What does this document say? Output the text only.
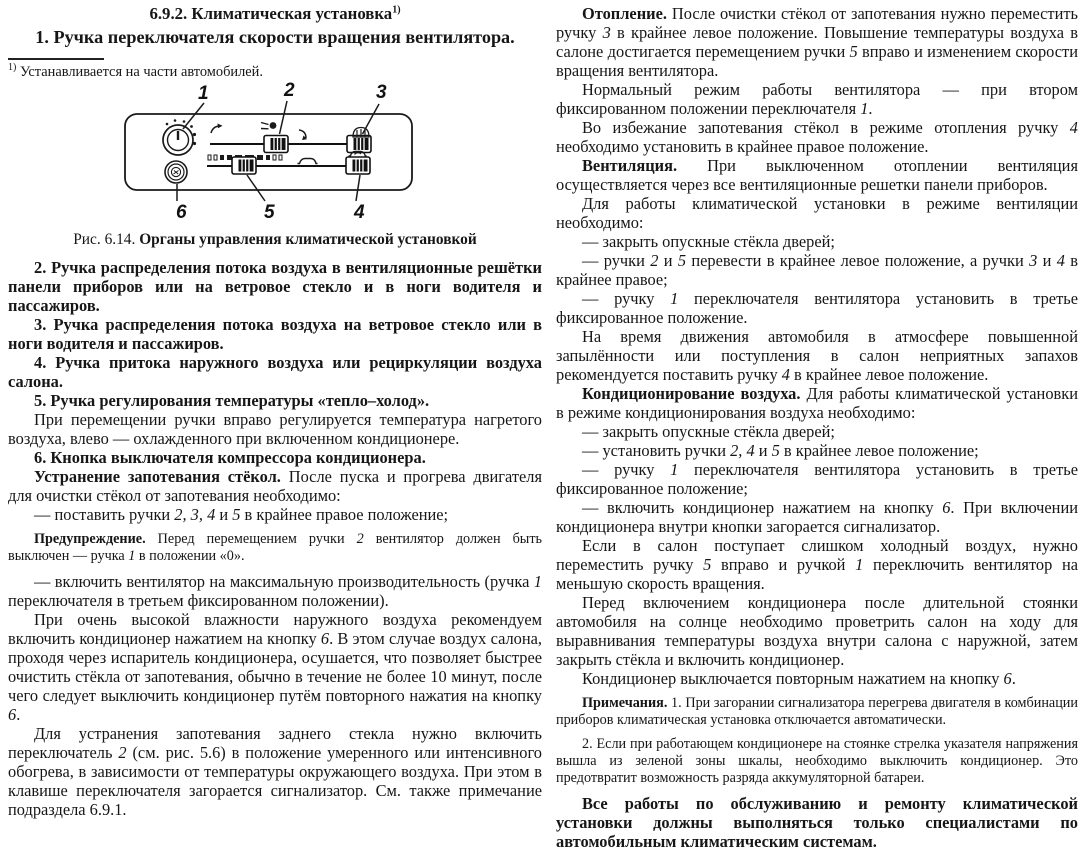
6.9.2. Климатическая установка$^{1)}$
1. Ручка переключателя скорости вращения вентилятора.

$^{1)}$ Устанавливается на части автомобилей.

1	2	3
6	5	4
Рис. 6.14. Органы управления климатической установкой

2. Ручка распределения потока воздуха в вентиляционные решётки панели приборов или на ветровое стекло и в ноги водителя и пассажиров.

3. Ручка распределения потока воздуха на ветровое стекло или в ноги водителя и пассажиров.

4. Ручка притока наружного воздуха или рециркуляции воздуха салона.

5. Ручка регулирования температуры «тепло–холод».

При перемещении ручки вправо регулируется температура нагретого воздуха, влево — охлажденного при включенном кондиционере.

6. Кнопка выключателя компрессора кондиционера.

Устранение запотевания стёкол. После пуска и прогрева двигателя для очистки стёкол от запотевания необходимо:

— поставить ручки 2, 3, 4 и 5 в крайнее правое положение;

Предупреждение. Перед перемещением ручки 2 вентилятор должен быть выключен — ручка 1 в положении «0».

— включить вентилятор на максимальную производительность (ручка 1 переключателя в третьем фиксированном положении).

При очень высокой влажности наружного воздуха рекомендуем включить кондиционер нажатием на кнопку 6. В этом случае воздух салона, проходя через испаритель кондиционера, осушается, что позволяет быстрее очистить стёкла от запотевания, обычно в течение не более 10 минут, после чего следует выключить кондиционер путём повторного нажатия на кнопку 6.

Для устранения запотевания заднего стекла нужно включить переключатель 2 (см. рис. 5.6) в положение умеренного или интенсивного обогрева, в зависимости от температуры окружающего воздуха. При этом в клавише переключателя загорается сигнализатор. См. также примечание подраздела 6.9.1.

Отопление. После очистки стёкол от запотевания нужно переместить ручку 3 в крайнее левое положение. Повышение температуры воздуха в салоне достигается перемещением ручки 5 вправо и изменением скорости вращения вентилятора.

Нормальный режим работы вентилятора — при втором фиксированном положении переключателя 1.

Во избежание запотевания стёкол в режиме отопления ручку 4 необходимо установить в крайнее правое положение.

Вентиляция. При выключенном отоплении вентиляция осуществляется через все вентиляционные решетки панели приборов.

Для работы климатической установки в режиме вентиляции необходимо:

— закрыть опускные стёкла дверей;

— ручки 2 и 5 перевести в крайнее левое положение, а ручки 3 и 4 в крайнее правое;

— ручку 1 переключателя вентилятора установить в третье фиксированное положение.

На время движения автомобиля в атмосфере повышенной запылённости или поступления в салон неприятных запахов рекомендуется поставить ручку 4 в крайнее левое положение.

Кондиционирование воздуха. Для работы климатической установки в режиме кондиционирования воздуха необходимо:

— закрыть опускные стёкла дверей;

— установить ручки 2, 4 и 5 в крайнее левое положение;

— ручку 1 переключателя вентилятора установить в третье фиксированное положение;

— включить кондиционер нажатием на кнопку 6. При включении кондиционера внутри кнопки загорается сигнализатор.

Если в салон поступает слишком холодный воздух, нужно переместить ручку 5 вправо и ручкой 1 переключить вентилятор на меньшую скорость вращения.

Перед включением кондиционера после длительной стоянки автомобиля на солнце необходимо проветрить салон на ходу для выравнивания температуры воздуха внутри салона с наружной, затем закрыть стёкла и включить кондиционер.

Кондиционер выключается повторным нажатием на кнопку 6.

Примечания. 1. При загорании сигнализатора перегрева двигателя в комбинации приборов климатическая установка отключается автоматически.

2. Если при работающем кондиционере на стоянке стрелка указателя напряжения вышла из зеленой зоны шкалы, необходимо выключить кондиционер. Это предотвратит возможность разряда аккумуляторной батареи.

Все работы по обслуживанию и ремонту климатической установки должны выполняться только специалистами по автомобильным климатическим системам.
